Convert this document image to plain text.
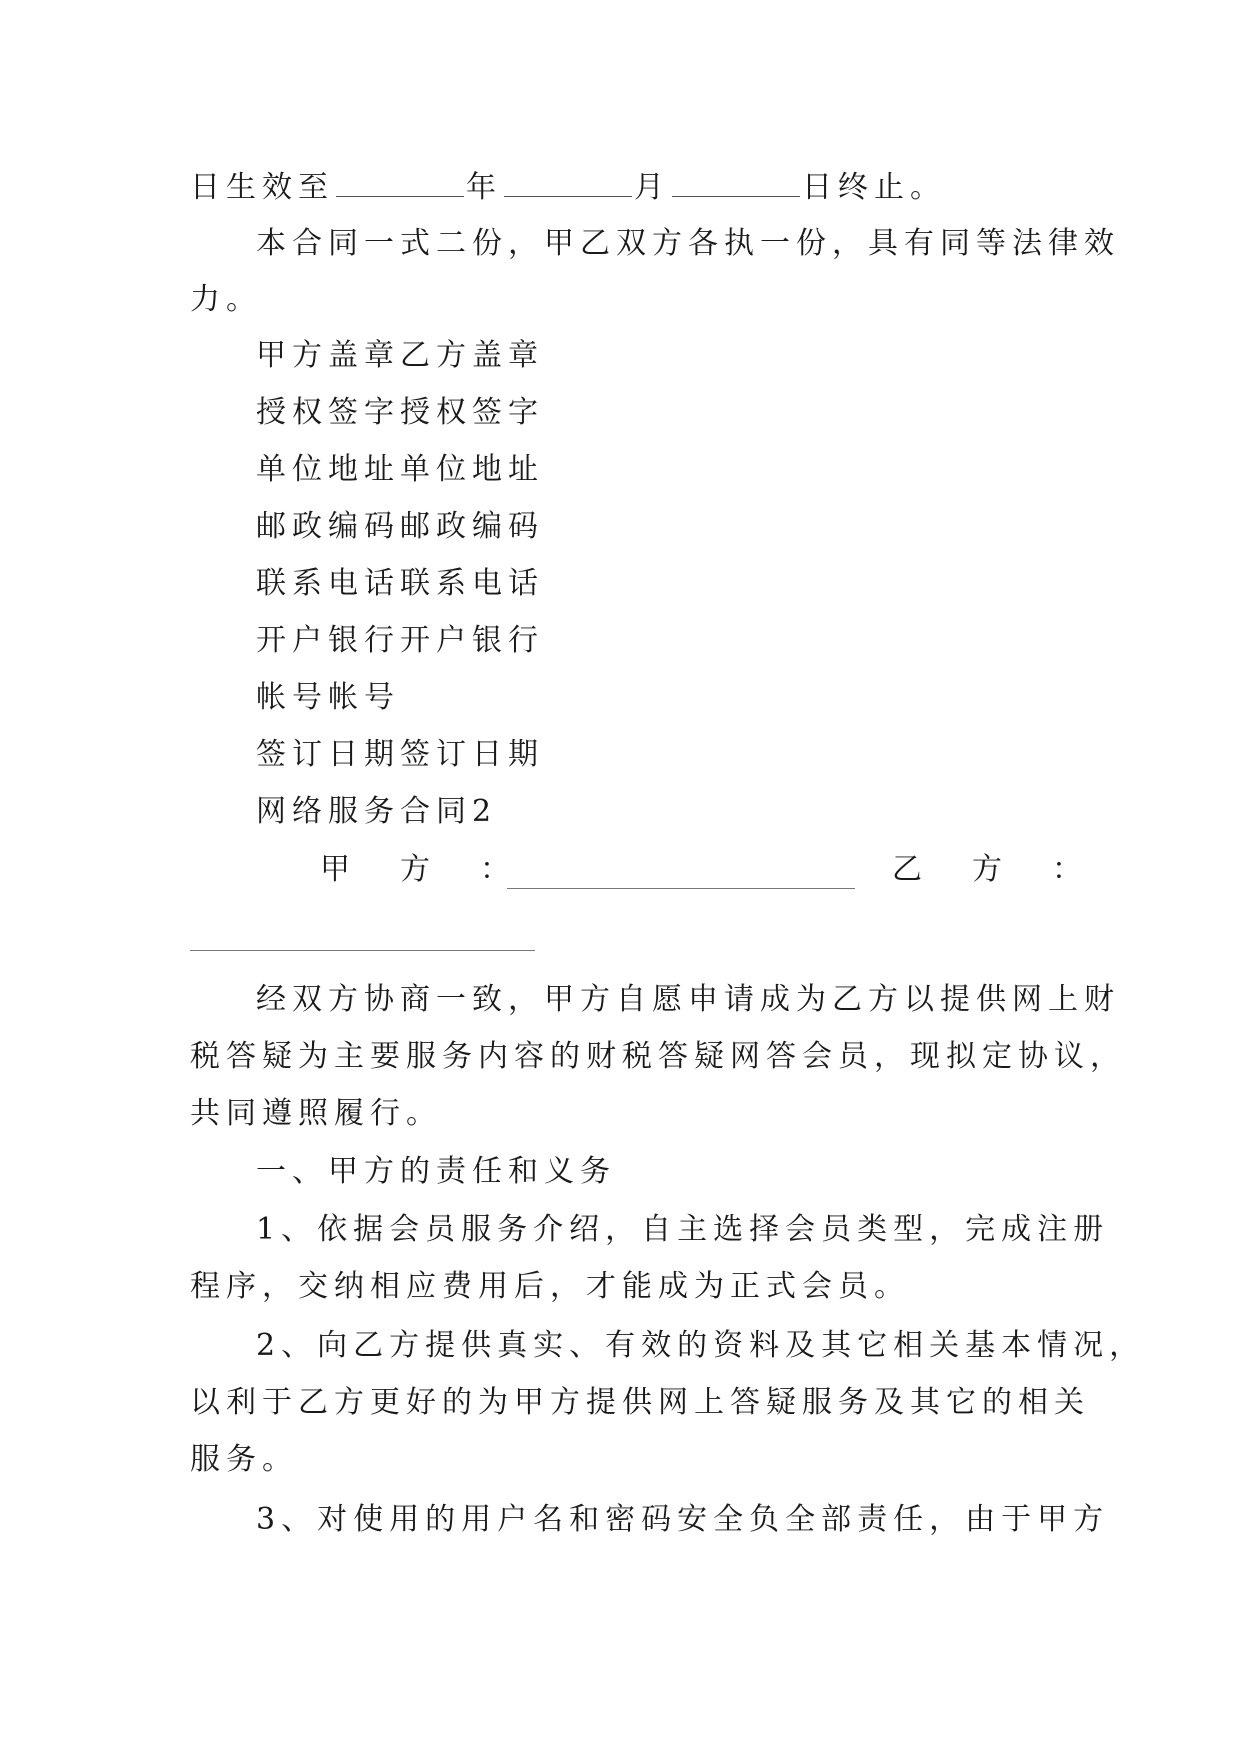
日生效至	年	月	日终止。
本合同一式二份，甲乙双方各执一份，具有同等法律效
力。
甲方盖章乙方盖章
授权签字授权签字
单位地址单位地址
邮政编码邮政编码
联系电话联系电话
开户银行开户银行
帐号帐号
签订日期签订日期
网络服务合同2
甲　方　：	乙　方　：
经双方协商一致，甲方自愿申请成为乙方以提供网上财
税答疑为主要服务内容的财税答疑网答会员，现拟定协议，
共同遵照履行。
一、甲方的责任和义务
1、依据会员服务介绍，自主选择会员类型，完成注册
程序，交纳相应费用后，才能成为正式会员。
2、向乙方提供真实、有效的资料及其它相关基本情况，
以利于乙方更好的为甲方提供网上答疑服务及其它的相关
服务。
3、对使用的用户名和密码安全负全部责任，由于甲方
